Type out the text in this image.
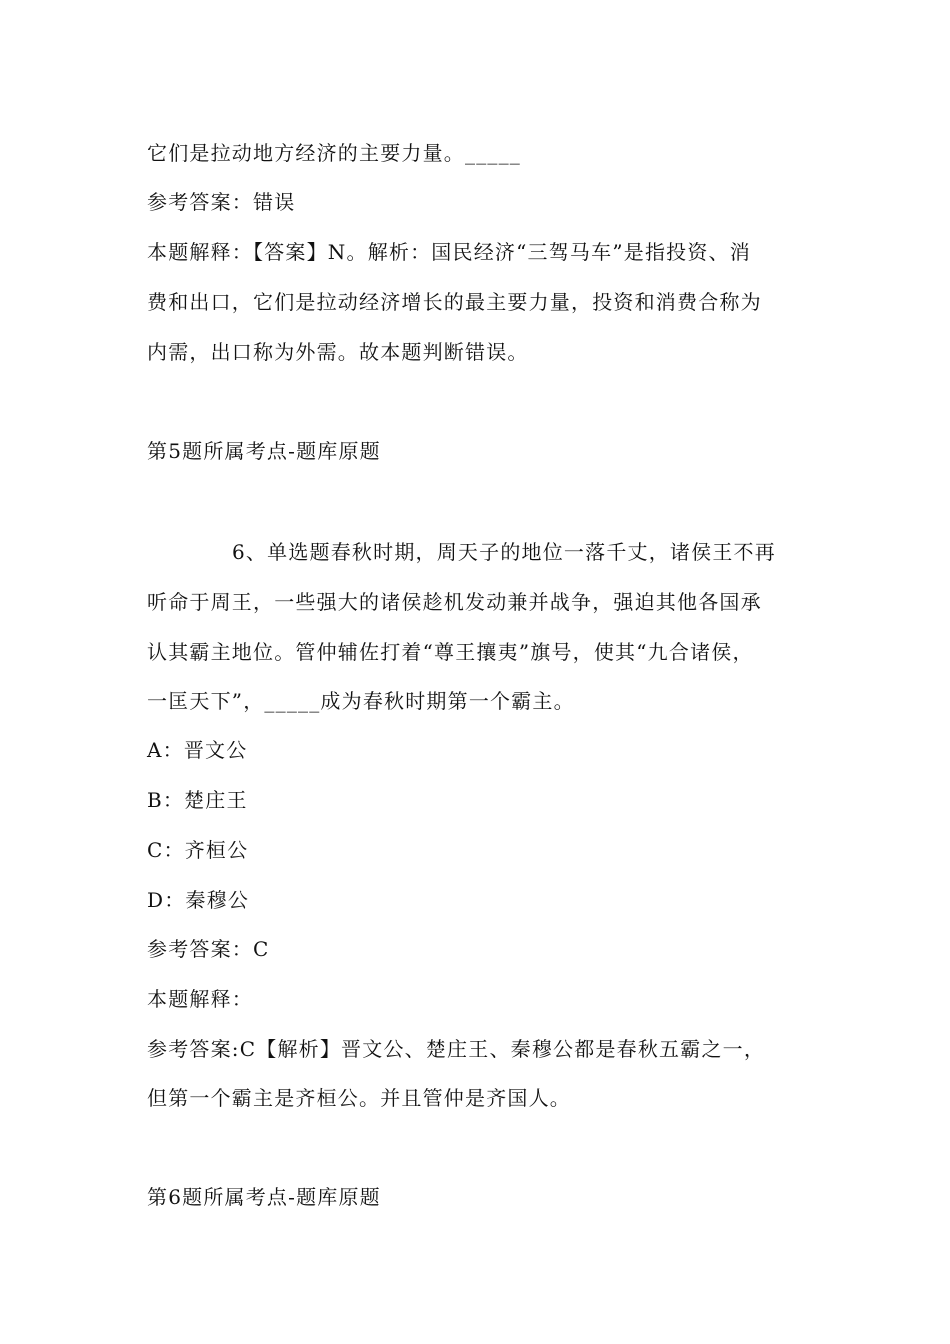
它们是拉动地方经济的主要力量。_____
参考答案：错误
本题解释：【答案】N。解析：国民经济“三驾马车”是指投资、消
费和出口，它们是拉动经济增长的最主要力量，投资和消费合称为
内需，出口称为外需。故本题判断错误。
第5题所属考点-题库原题
6、单选题春秋时期，周天子的地位一落千丈，诸侯王不再
听命于周王，一些强大的诸侯趁机发动兼并战争，强迫其他各国承
认其霸主地位。管仲辅佐打着“尊王攘夷”旗号，使其“九合诸侯，
一匡天下”，_____成为春秋时期第一个霸主。
A：晋文公
B：楚庄王
C：齐桓公
D：秦穆公
参考答案：C
本题解释：
参考答案:C【解析】晋文公、楚庄王、秦穆公都是春秋五霸之一，
但第一个霸主是齐桓公。并且管仲是齐国人。
第6题所属考点-题库原题
